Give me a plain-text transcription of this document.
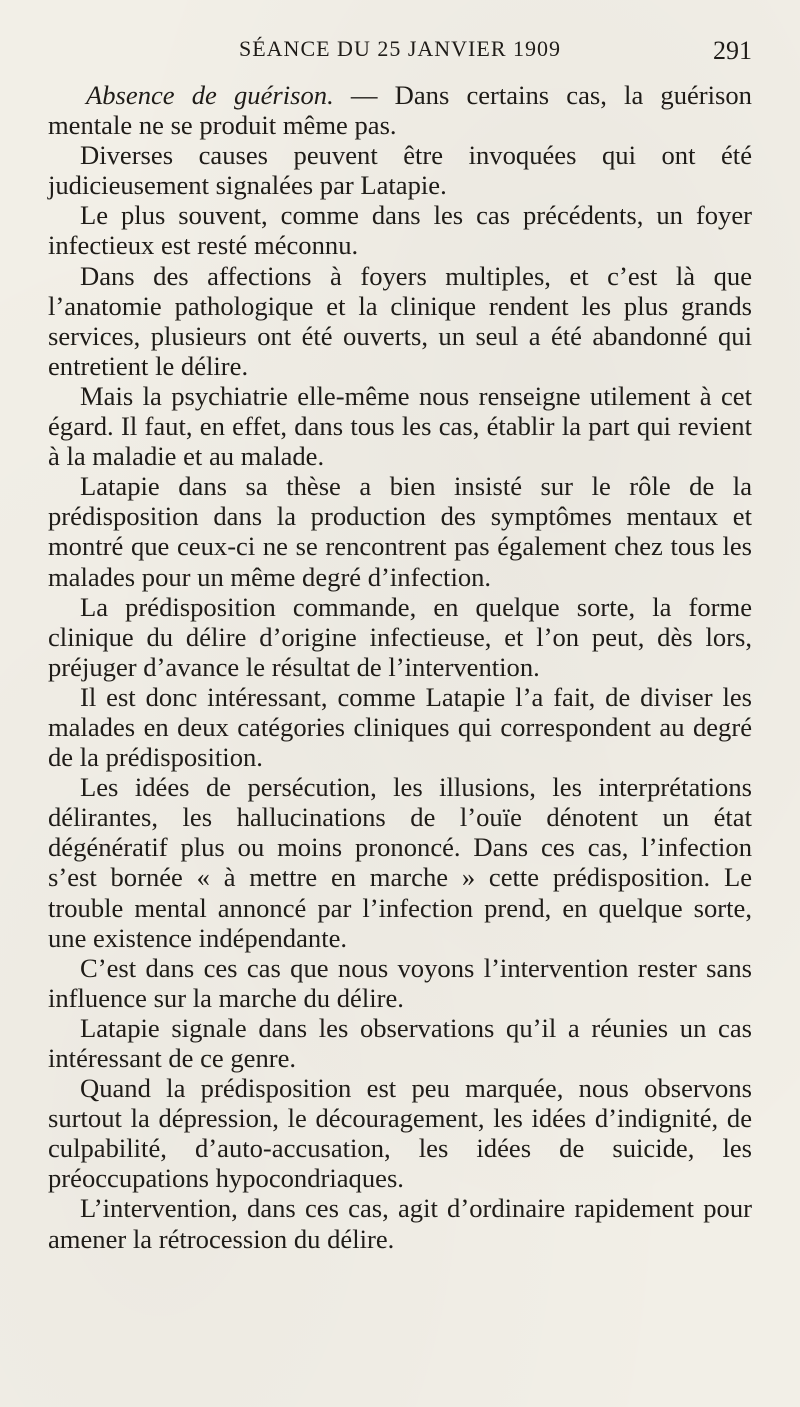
SÉANCE DU 25 JANVIER 1909	291

Absence de guérison. — Dans certains cas, la guérison mentale ne se produit même pas.

Diverses causes peuvent être invoquées qui ont été judicieusement signalées par Latapie.

Le plus souvent, comme dans les cas précédents, un foyer infectieux est resté méconnu.

Dans des affections à foyers multiples, et c’est là que l’anatomie pathologique et la clinique rendent les plus grands services, plusieurs ont été ouverts, un seul a été abandonné qui entretient le délire.

Mais la psychiatrie elle-même nous renseigne utilement à cet égard. Il faut, en effet, dans tous les cas, établir la part qui revient à la maladie et au malade.

Latapie dans sa thèse a bien insisté sur le rôle de la prédisposition dans la production des symptômes mentaux et montré que ceux-ci ne se rencontrent pas également chez tous les malades pour un même degré d’infection.

La prédisposition commande, en quelque sorte, la forme clinique du délire d’origine infectieuse, et l’on peut, dès lors, préjuger d’avance le résultat de l’intervention.

Il est donc intéressant, comme Latapie l’a fait, de diviser les malades en deux catégories cliniques qui correspondent au degré de la prédisposition.

Les idées de persécution, les illusions, les interprétations délirantes, les hallucinations de l’ouïe dénotent un état dégénératif plus ou moins prononcé. Dans ces cas, l’infection s’est bornée « à mettre en marche » cette prédisposition. Le trouble mental annoncé par l’infection prend, en quelque sorte, une existence indépendante.

C’est dans ces cas que nous voyons l’intervention rester sans influence sur la marche du délire.

Latapie signale dans les observations qu’il a réunies un cas intéressant de ce genre.

Quand la prédisposition est peu marquée, nous observons surtout la dépression, le découragement, les idées d’indignité, de culpabilité, d’auto-accusation, les idées de suicide, les préoccupations hypocondriaques.

L’intervention, dans ces cas, agit d’ordinaire rapidement pour amener la rétrocession du délire.
